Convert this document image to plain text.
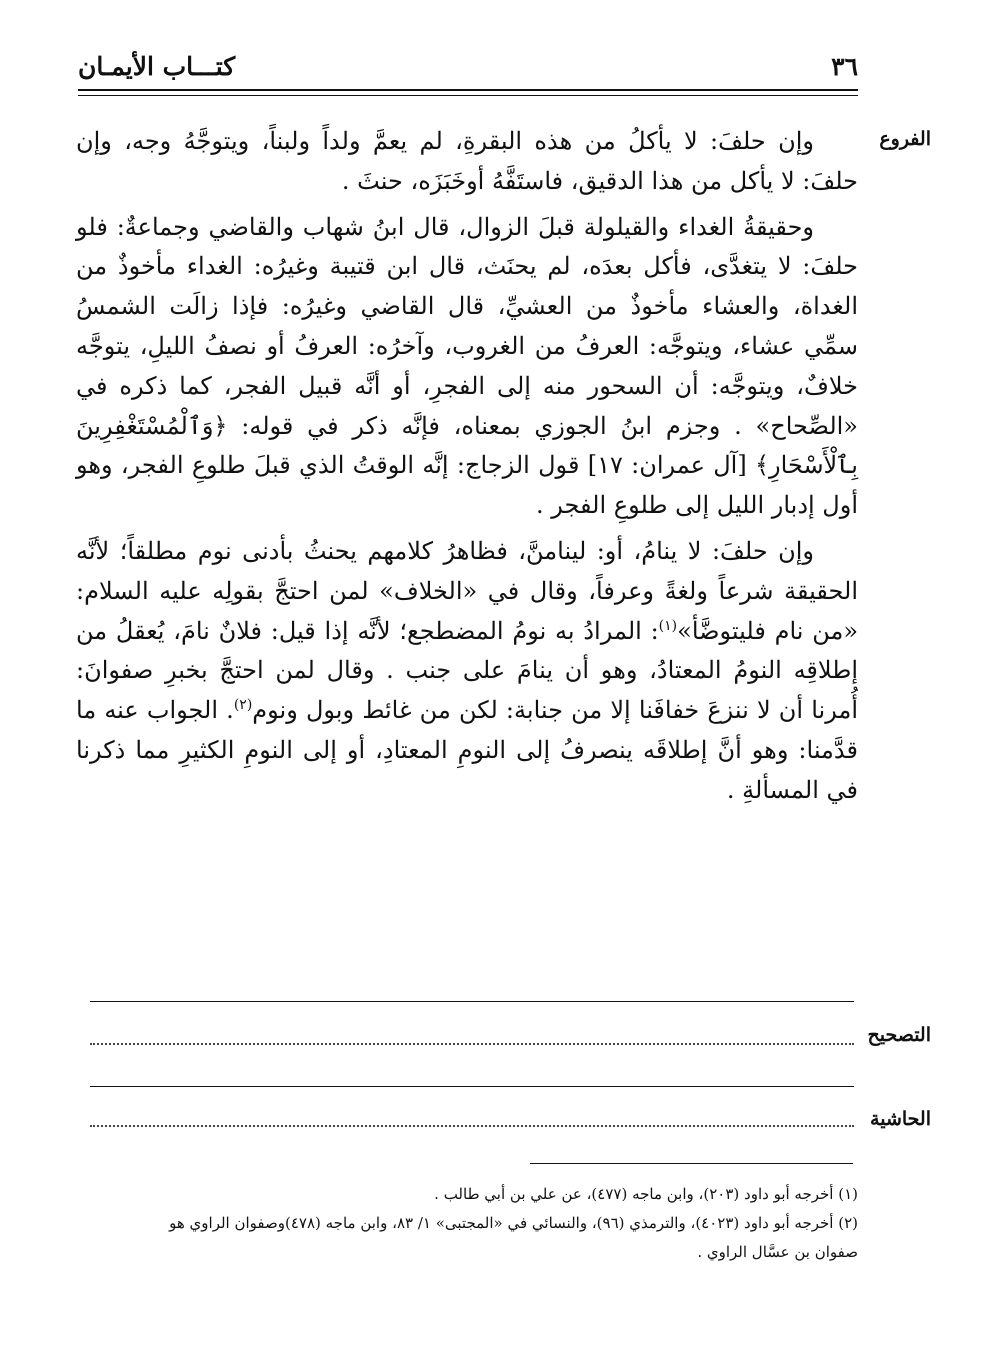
٣٦
كتـــاب الأيمـان
الفروع

وإن حلفَ: لا يأكلُ من هذه البقرةِ، لم يعمَّ ولداً ولبناً، ويتوجَّهُ وجه، وإن حلفَ: لا يأكل من هذا الدقيق، فاستَفَّهُ أوخَبَزَه، حنثَ .

وحقيقةُ الغداء والقيلولة قبلَ الزوال، قال ابنُ شهاب والقاضي وجماعةٌ: فلو حلفَ: لا يتغدَّى، فأكل بعدَه، لم يحنَث، قال ابن قتيبة وغيرُه: الغداء مأخوذٌ من الغداة، والعشاء مأخوذٌ من العشيِّ، قال القاضي وغيرُه: فإذا زالَت الشمسُ سمِّي عشاء، ويتوجَّه: العرفُ من الغروب، وآخرُه: العرفُ أو نصفُ الليلِ، يتوجَّه خلافٌ، ويتوجَّه: أن السحور منه إلى الفجرِ، أو أنَّه قبيل الفجر، كما ذكره في «الصِّحاح» . وجزم ابنُ الجوزي بمعناه، فإنَّه ذكر في قوله: ﴿وَٱلْمُسْتَغْفِرِينَ بِٱلْأَسْحَارِ﴾ [آل عمران: ١٧] قول الزجاج: إنَّه الوقتُ الذي قبلَ طلوعِ الفجر، وهو أول إدبار الليل إلى طلوعِ الفجر .

وإن حلفَ: لا ينامُ، أو: لينامنَّ، فظاهرُ كلامهم يحنثُ بأدنى نوم مطلقاً؛ لأنَّه الحقيقة شرعاً ولغةً وعرفاً، وقال في «الخلاف» لمن احتجَّ بقولِه عليه السلام: «من نام فليتوضَّأ»$^{(١)}$: المرادُ به نومُ المضطجع؛ لأنَّه إذا قيل: فلانٌ نامَ، يُعقلُ من إطلاقِه النومُ المعتادُ، وهو أن ينامَ على جنب . وقال لمن احتجَّ بخبرِ صفوانَ: أُمرنا أن لا ننزعَ خفافَنا إلا من جنابة: لكن من غائط وبول ونوم$^{(٢)}$. الجواب عنه ما قدَّمنا: وهو أنَّ إطلاقَه ينصرفُ إلى النومِ المعتادِ، أو إلى النومِ الكثيرِ مما ذكرنا في المسألةِ .

التصحيح
الحاشية

(١) أخرجه أبو داود (٢٠٣)، وابن ماجه (٤٧٧)، عن علي بن أبي طالب .

(٢) أخرجه أبو داود (٤٠٢٣)، والترمذي (٩٦)، والنسائي في «المجتبى» ١/ ٨٣، وابن ماجه (٤٧٨)وصفوان الراوي هو

صفوان بن عسَّال الراوي .
